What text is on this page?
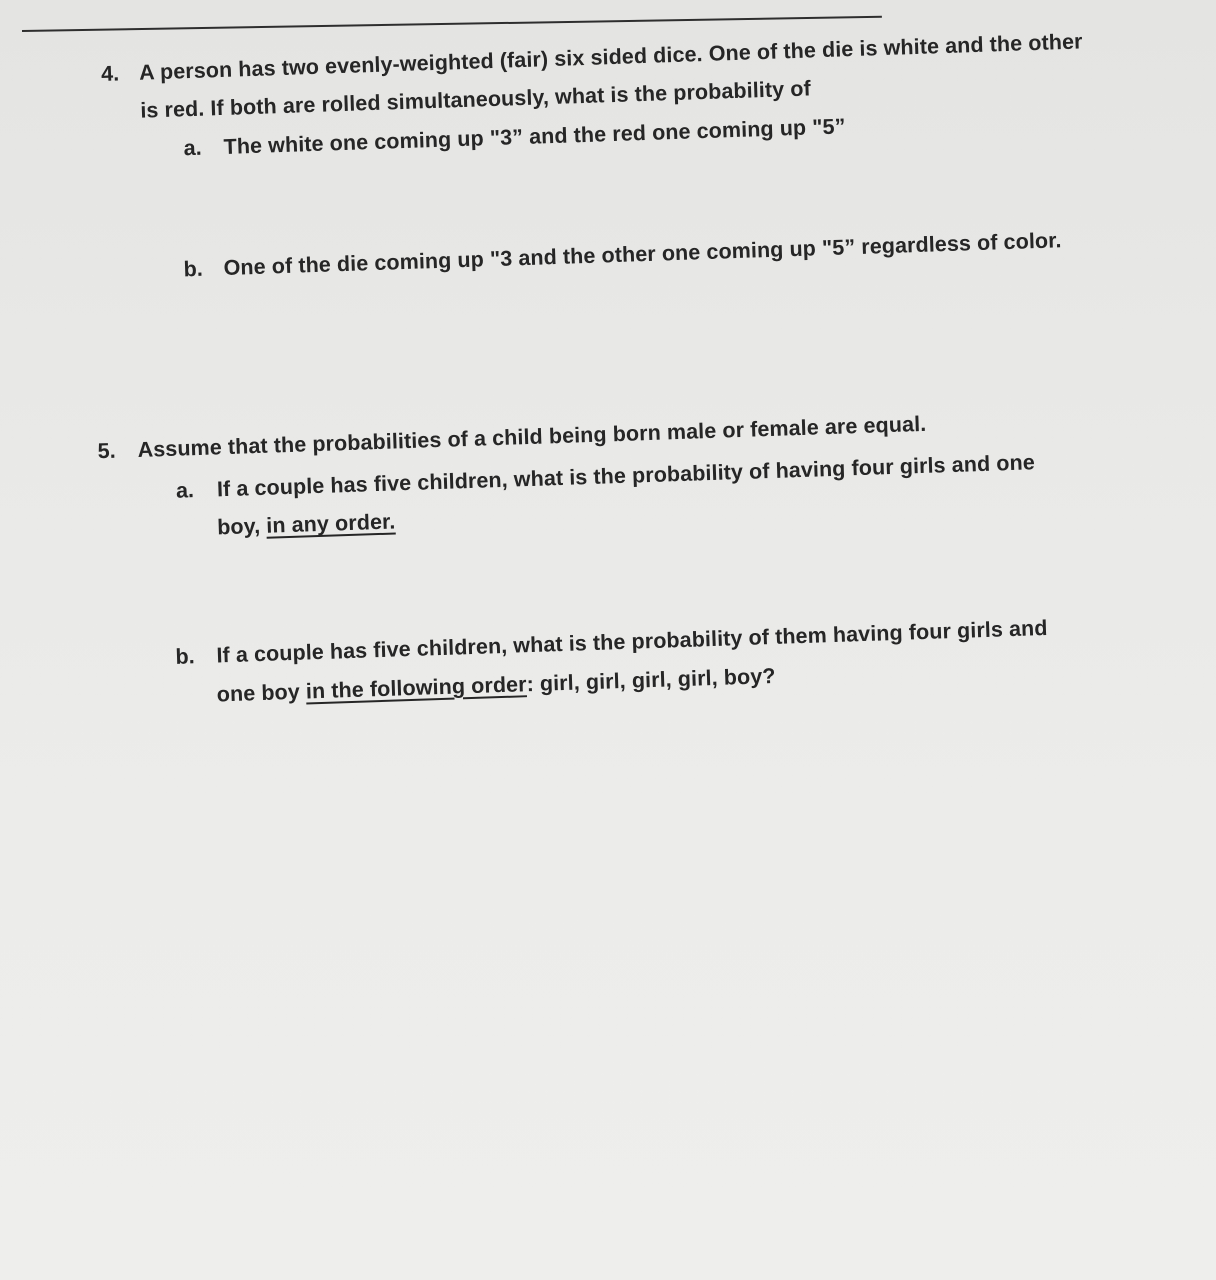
4. A person has two evenly-weighted (fair) six sided dice. One of the die is white and the other
is red. If both are rolled simultaneously, what is the probability of
a. The white one coming up "3” and the red one coming up "5”
b. One of the die coming up "3 and the other one coming up "5” regardless of color.
5. Assume that the probabilities of a child being born male or female are equal.
a. If a couple has five children, what is the probability of having four girls and one
boy, in any order.
b. If a couple has five children, what is the probability of them having four girls and
one boy in the following order: girl, girl, girl, girl, boy?
